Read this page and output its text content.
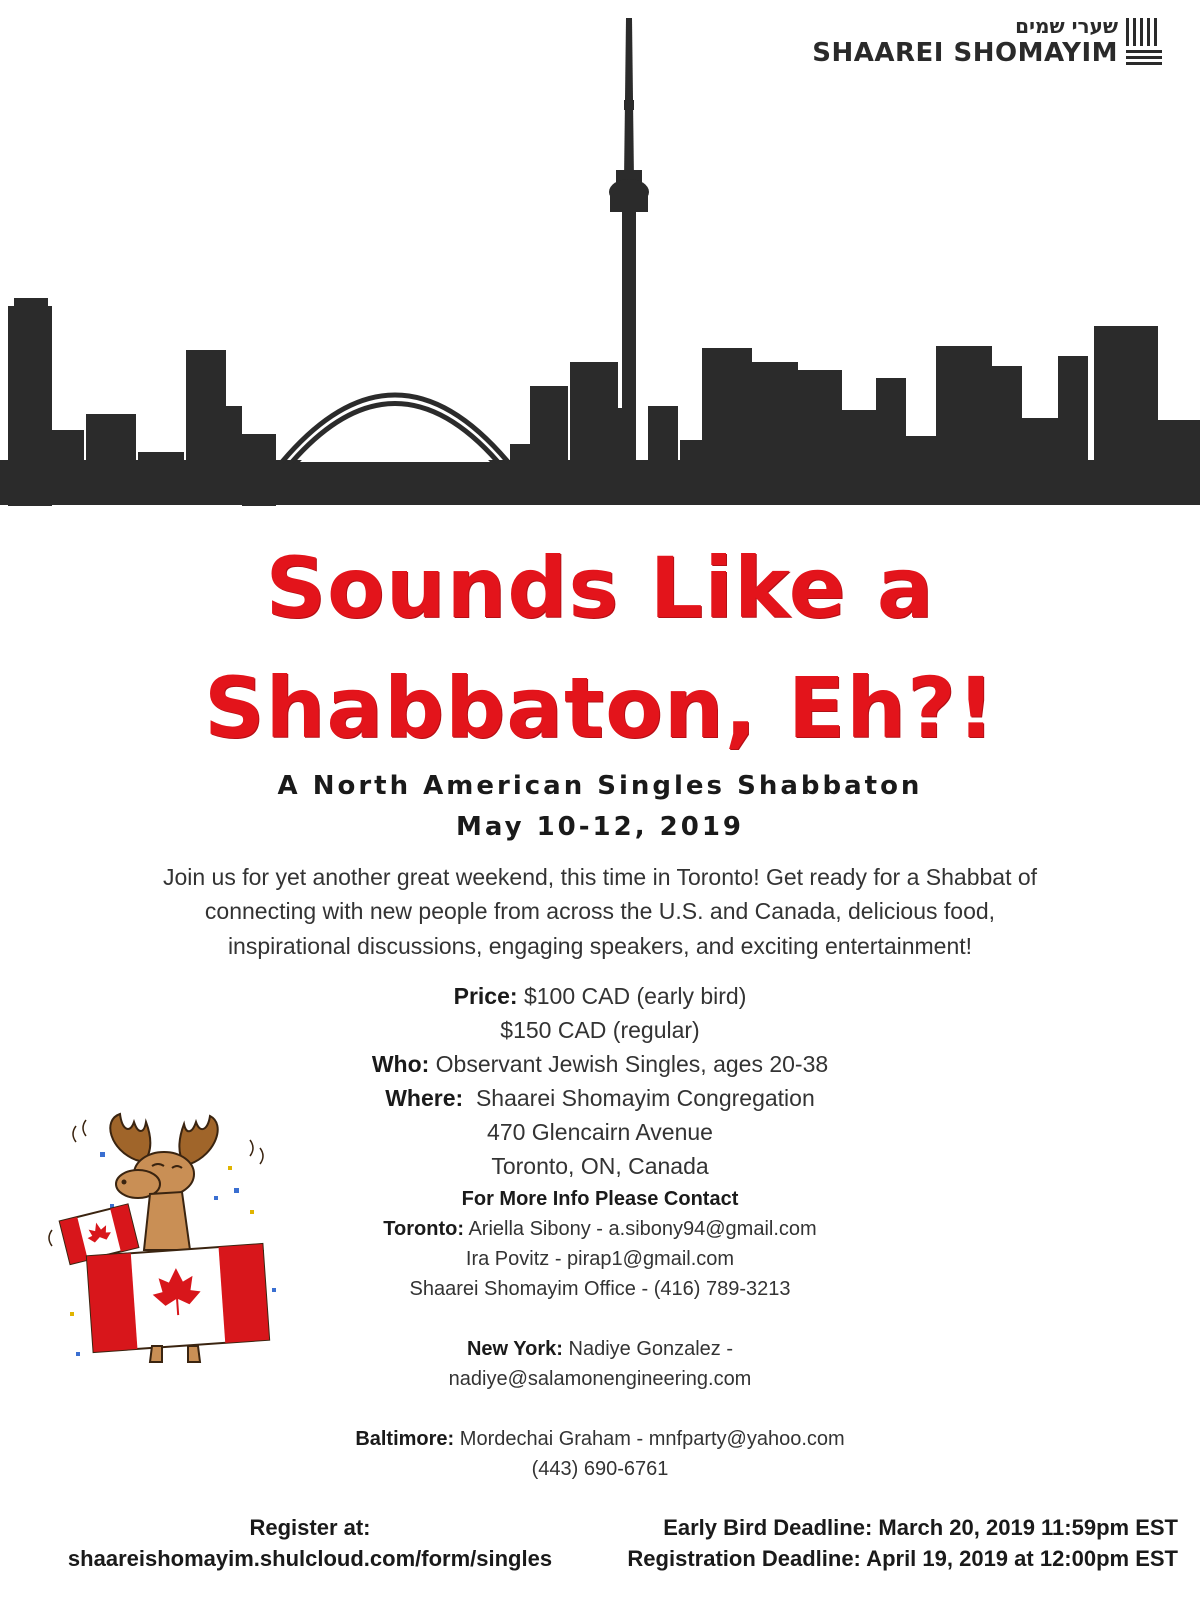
שערי שמים
SHAAREI SHOMAYIM
Sounds Like a
Shabbaton, Eh?!
A North American Singles Shabbaton
May 10-12, 2019
Join us for yet another great weekend, this time in Toronto! Get ready for a Shabbat of connecting with new people from across the U.S. and Canada, delicious food, inspirational discussions, engaging speakers, and exciting entertainment!
Price: $100 CAD (early bird)
$150 CAD (regular)
Who: Observant Jewish Singles, ages 20-38
Where: Shaarei Shomayim Congregation
470 Glencairn Avenue
Toronto, ON, Canada
For More Info Please Contact
Toronto: Ariella Sibony - a.sibony94@gmail.com
Ira Povitz - pirap1@gmail.com
Shaarei Shomayim Office - (416) 789-3213
New York: Nadiye Gonzalez -
nadiye@salamonengineering.com
Baltimore: Mordechai Graham - mnfparty@yahoo.com
(443) 690-6761
Register at:
shaareishomayim.shulcloud.com/form/singles
Early Bird Deadline: March 20, 2019 11:59pm EST
Registration Deadline: April 19, 2019 at 12:00pm EST
